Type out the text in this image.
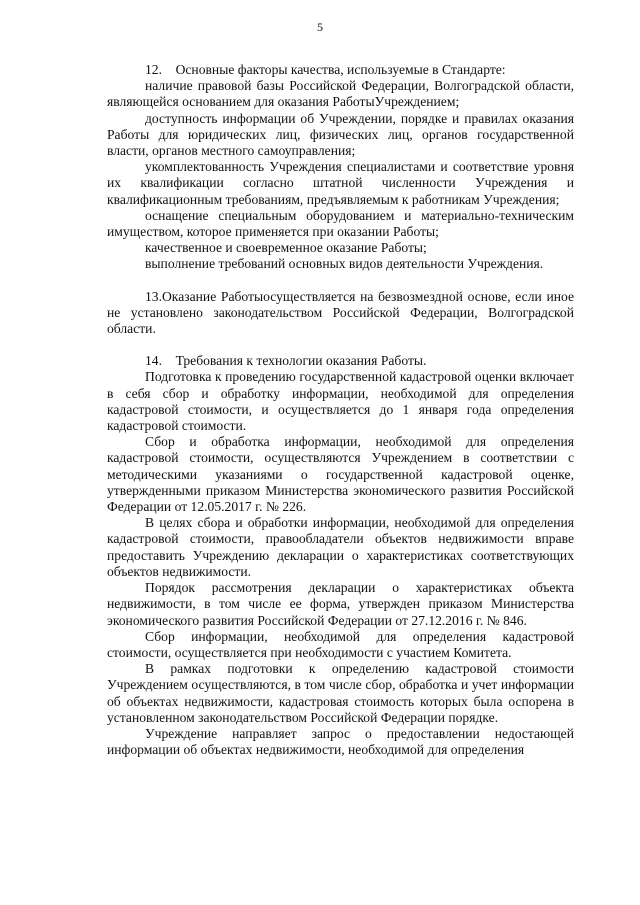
5

12.    Основные факторы качества, используемые в Стандарте:

наличие правовой базы Российской Федерации, Волгоградской области, являющейся основанием для оказания РаботыУчреждением;

доступность информации об Учреждении, порядке и правилах оказания Работы для юридических лиц, физических лиц, органов государственной власти, органов местного самоуправления;

укомплектованность Учреждения специалистами и соответствие уровня их квалификации согласно штатной численности Учреждения и квалификационным требованиям, предъявляемым к работникам Учреждения;

оснащение специальным оборудованием и материально-техническим имуществом, которое применяется при оказании Работы;

качественное и своевременное оказание Работы;

выполнение требований основных видов деятельности Учреждения.

13.Оказание Работыосуществляется на безвозмездной основе, если иное не установлено законодательством Российской Федерации, Волгоградской области.

14.    Требования к технологии оказания Работы.

Подготовка к проведению государственной кадастровой оценки включает в себя сбор и обработку информации, необходимой для определения кадастровой стоимости, и осуществляется до 1 января года определения кадастровой стоимости.

Сбор и обработка информации, необходимой для определения кадастровой стоимости, осуществляются Учреждением в соответствии с методическими указаниями о государственной кадастровой оценке, утвержденными приказом Министерства экономического развития Российской Федерации от 12.05.2017 г. № 226.

В целях сбора и обработки информации, необходимой для определения кадастровой стоимости, правообладатели объектов недвижимости вправе предоставить Учреждению декларации о характеристиках соответствующих объектов недвижимости.

Порядок рассмотрения декларации о характеристиках объекта недвижимости, в том числе ее форма, утвержден приказом Министерства экономического развития Российской Федерации от 27.12.2016 г. № 846.

Сбор информации, необходимой для определения кадастровой стоимости, осуществляется при необходимости с участием Комитета.

В рамках подготовки к определению кадастровой стоимости Учреждением осуществляются, в том числе сбор, обработка и учет информации об объектах недвижимости, кадастровая стоимость которых была оспорена в установленном законодательством Российской Федерации порядке.

Учреждение направляет запрос о предоставлении недостающей информации об объектах недвижимости, необходимой для определения
